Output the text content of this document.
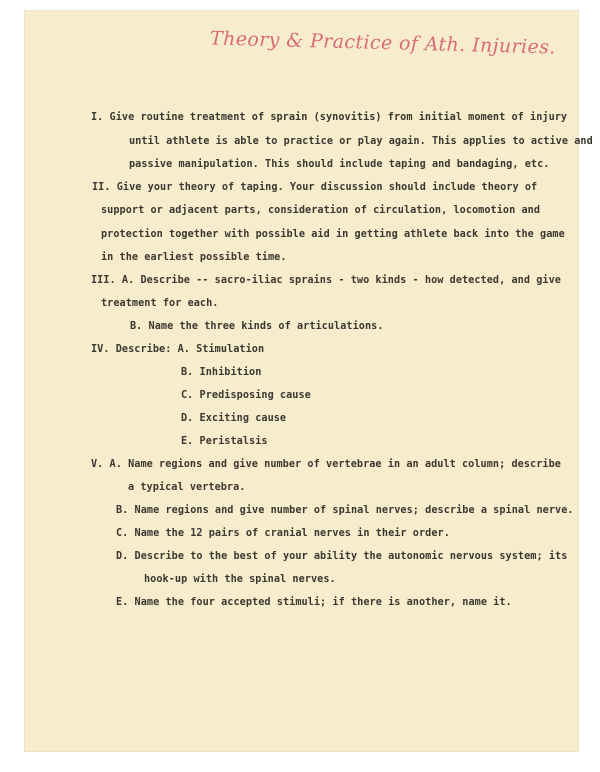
Theory & Practice of Ath. Injuries.
I. Give routine treatment of sprain (synovitis) from initial moment of injury
until athlete is able to practice or play again. This applies to active and
passive manipulation. This should include taping and bandaging, etc.
II. Give your theory of taping. Your discussion should include theory of
support or adjacent parts, consideration of circulation, locomotion and
protection together with possible aid in getting athlete back into the game
in the earliest possible time.
III. A. Describe -- sacro-iliac sprains - two kinds - how detected, and give
treatment for each.
B. Name the three kinds of articulations.
IV. Describe: A. Stimulation
B. Inhibition
C. Predisposing cause
D. Exciting cause
E. Peristalsis
V. A. Name regions and give number of vertebrae in an adult column; describe
a typical vertebra.
B. Name regions and give number of spinal nerves; describe a spinal nerve.
C. Name the 12 pairs of cranial nerves in their order.
D. Describe to the best of your ability the autonomic nervous system; its
hook-up with the spinal nerves.
E. Name the four accepted stimuli; if there is another, name it.
